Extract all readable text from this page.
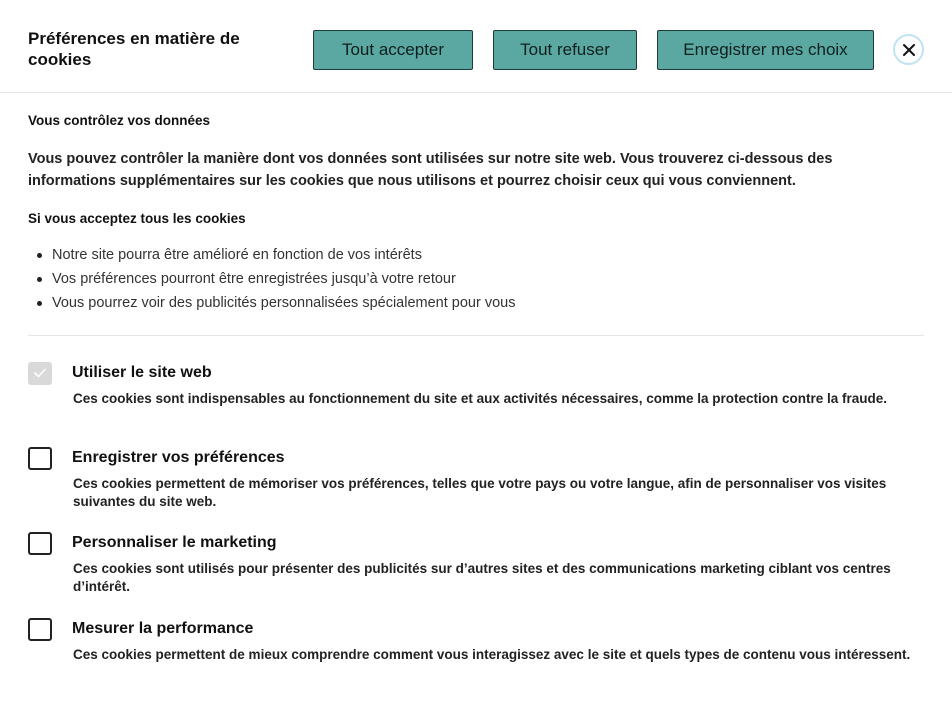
Préférences en matière de cookies
Tout accepter	Tout refuser	Enregistrer mes choix
Vous contrôlez vos données
Vous pouvez contrôler la manière dont vos données sont utilisées sur notre site web. Vous trouverez ci-dessous des informations supplémentaires sur les cookies que nous utilisons et pourrez choisir ceux qui vous conviennent.
Si vous acceptez tous les cookies
Notre site pourra être amélioré en fonction de vos intérêts
Vos préférences pourront être enregistrées jusqu’à votre retour
Vous pourrez voir des publicités personnalisées spécialement pour vous
Utiliser le site web
Ces cookies sont indispensables au fonctionnement du site et aux activités nécessaires, comme la protection contre la fraude.
Enregistrer vos préférences
Ces cookies permettent de mémoriser vos préférences, telles que votre pays ou votre langue, afin de personnaliser vos visites suivantes du site web.
Personnaliser le marketing
Ces cookies sont utilisés pour présenter des publicités sur d’autres sites et des communications marketing ciblant vos centres d’intérêt.
Mesurer la performance
Ces cookies permettent de mieux comprendre comment vous interagissez avec le site et quels types de contenu vous intéressent.
